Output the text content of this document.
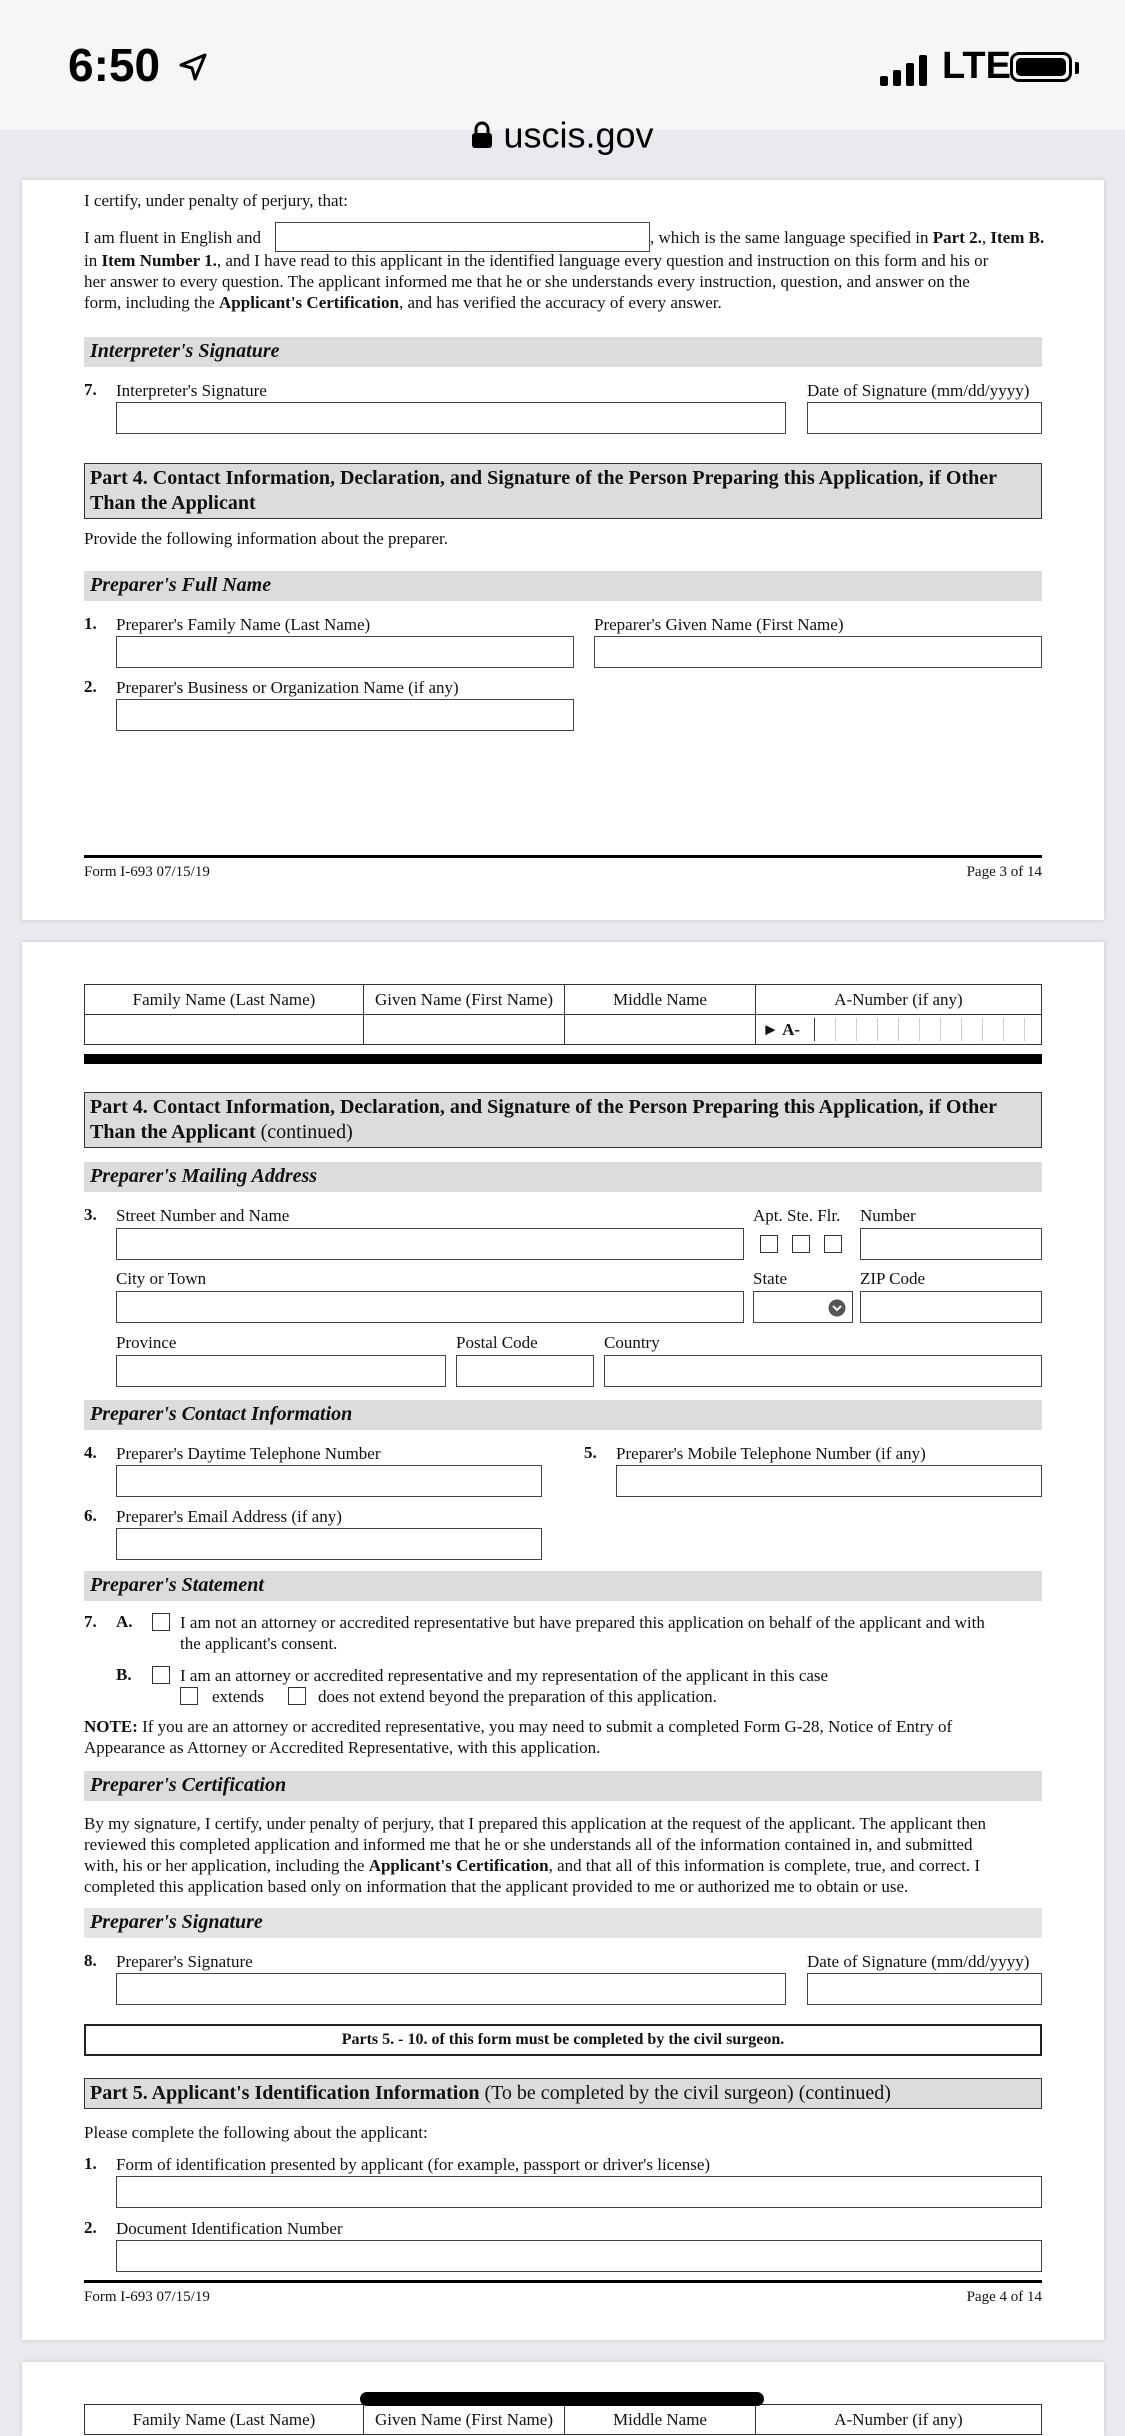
6:50	LTE
uscis.gov
I certify, under penalty of perjury, that:
I am fluent in English and	, which is the same language specified in Part 2., Item B.
in Item Number 1., and I have read to this applicant in the identified language every question and instruction on this form and his or
her answer to every question. The applicant informed me that he or she understands every instruction, question, and answer on the
form, including the Applicant's Certification, and has verified the accuracy of every answer.
Interpreter's Signature
7. Interpreter's Signature	Date of Signature (mm/dd/yyyy)
Part 4. Contact Information, Declaration, and Signature of the Person Preparing this Application, if Other Than the Applicant
Provide the following information about the preparer.
Preparer's Full Name
1. Preparer's Family Name (Last Name)	Preparer's Given Name (First Name)
2. Preparer's Business or Organization Name (if any)
Form I-693 07/15/19	Page 3 of 14
Family Name (Last Name)	Given Name (First Name)	Middle Name	A-Number (if any)
			► A-
Part 4. Contact Information, Declaration, and Signature of the Person Preparing this Application, if Other Than the Applicant (continued)
Preparer's Mailing Address
3. Street Number and Name	Apt. Ste. Flr. Number
City or Town	State	ZIP Code
Province	Postal Code	Country
Preparer's Contact Information
4. Preparer's Daytime Telephone Number	5. Preparer's Mobile Telephone Number (if any)
6. Preparer's Email Address (if any)
Preparer's Statement
7. A.	I am not an attorney or accredited representative but have prepared this application on behalf of the applicant and with
the applicant's consent.
B.	I am an attorney or accredited representative and my representation of the applicant in this case
extends	does not extend beyond the preparation of this application.
NOTE: If you are an attorney or accredited representative, you may need to submit a completed Form G-28, Notice of Entry of
Appearance as Attorney or Accredited Representative, with this application.
Preparer's Certification
By my signature, I certify, under penalty of perjury, that I prepared this application at the request of the applicant. The applicant then
reviewed this completed application and informed me that he or she understands all of the information contained in, and submitted
with, his or her application, including the Applicant's Certification, and that all of this information is complete, true, and correct. I
completed this application based only on information that the applicant provided to me or authorized me to obtain or use.
Preparer's Signature
8. Preparer's Signature	Date of Signature (mm/dd/yyyy)
Parts 5. - 10. of this form must be completed by the civil surgeon.
Part 5. Applicant's Identification Information (To be completed by the civil surgeon) (continued)
Please complete the following about the applicant:
1. Form of identification presented by applicant (for example, passport or driver's license)
2. Document Identification Number
Form I-693 07/15/19	Page 4 of 14
Family Name (Last Name)	Given Name (First Name)	Middle Name	A-Number (if any)
